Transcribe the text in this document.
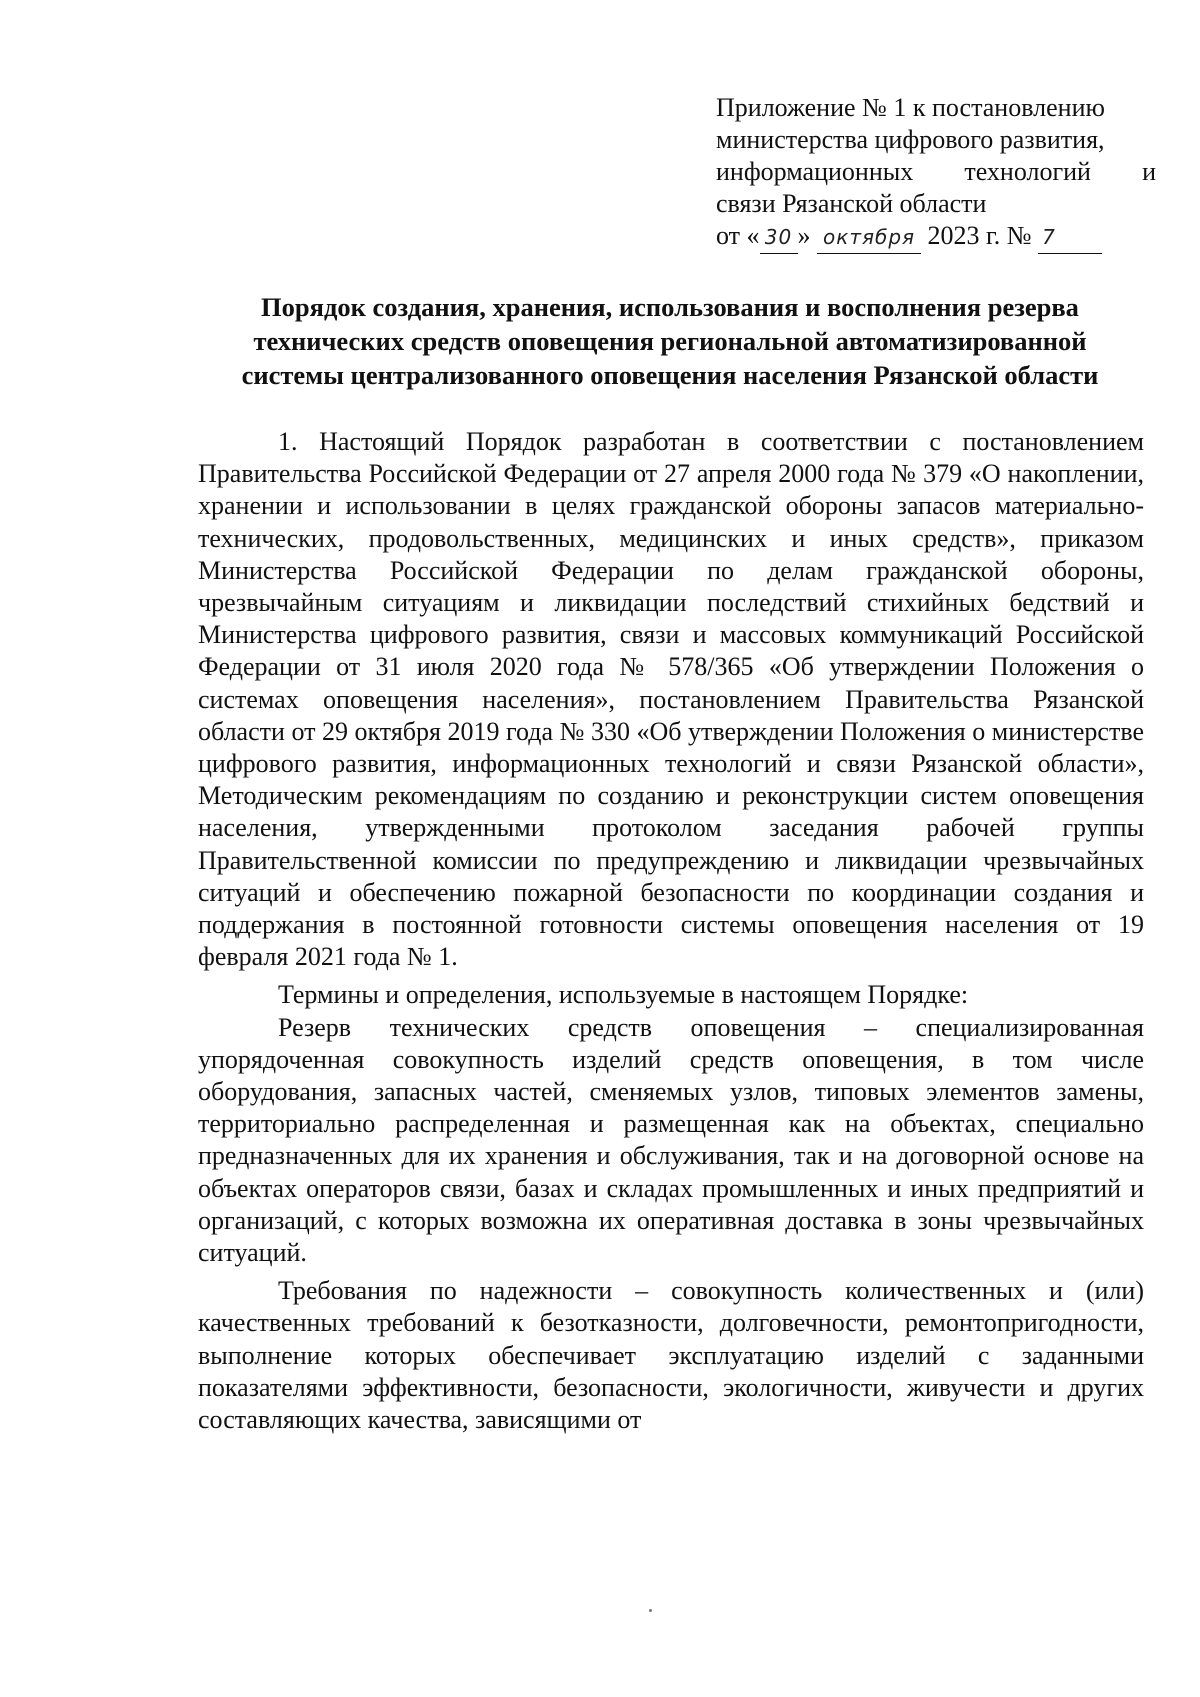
Приложение № 1 к постановлению
министерства цифрового развития,
информационных технологий и
связи Рязанской области
от « 30 » октября 2023 г. № 7
Порядок создания, хранения, использования и восполнения резерва
технических средств оповещения региональной автоматизированной
системы централизованного оповещения населения Рязанской области

1. Настоящий Порядок разработан в соответствии с постановлением Правительства Российской Федерации от 27 апреля 2000 года № 379 «О накоплении, хранении и использовании в целях гражданской обороны запасов материально-технических, продовольственных, медицинских и иных средств», приказом Министерства Российской Федерации по делам гражданской обороны, чрезвычайным ситуациям и ликвидации последствий стихийных бедствий и Министерства цифрового развития, связи и массовых коммуникаций Российской Федерации от 31 июля 2020 года № 578/365 «Об утверждении Положения о системах оповещения населения», постановлением Правительства Рязанской области от 29 октября 2019 года № 330 «Об утверждении Положения о министерстве цифрового развития, информационных технологий и связи Рязанской области», Методическим рекомендациям по созданию и реконструкции систем оповещения населения, утвержденными протоколом заседания рабочей группы Правительственной комиссии по предупреждению и ликвидации чрезвычайных ситуаций и обеспечению пожарной безопасности по координации создания и поддержания в постоянной готовности системы оповещения населения от 19 февраля 2021 года № 1.

Термины и определения, используемые в настоящем Порядке:

Резерв технических средств оповещения – специализированная упорядоченная совокупность изделий средств оповещения, в том числе оборудования, запасных частей, сменяемых узлов, типовых элементов замены, территориально распределенная и размещенная как на объектах, специально предназначенных для их хранения и обслуживания, так и на договорной основе на объектах операторов связи, базах и складах промышленных и иных предприятий и организаций, с которых возможна их оперативная доставка в зоны чрезвычайных ситуаций.

Требования по надежности – совокупность количественных и (или) качественных требований к безотказности, долговечности, ремонтопригодности, выполнение которых обеспечивает эксплуатацию изделий с заданными показателями эффективности, безопасности, экологичности, живучести и других составляющих качества, зависящими от
